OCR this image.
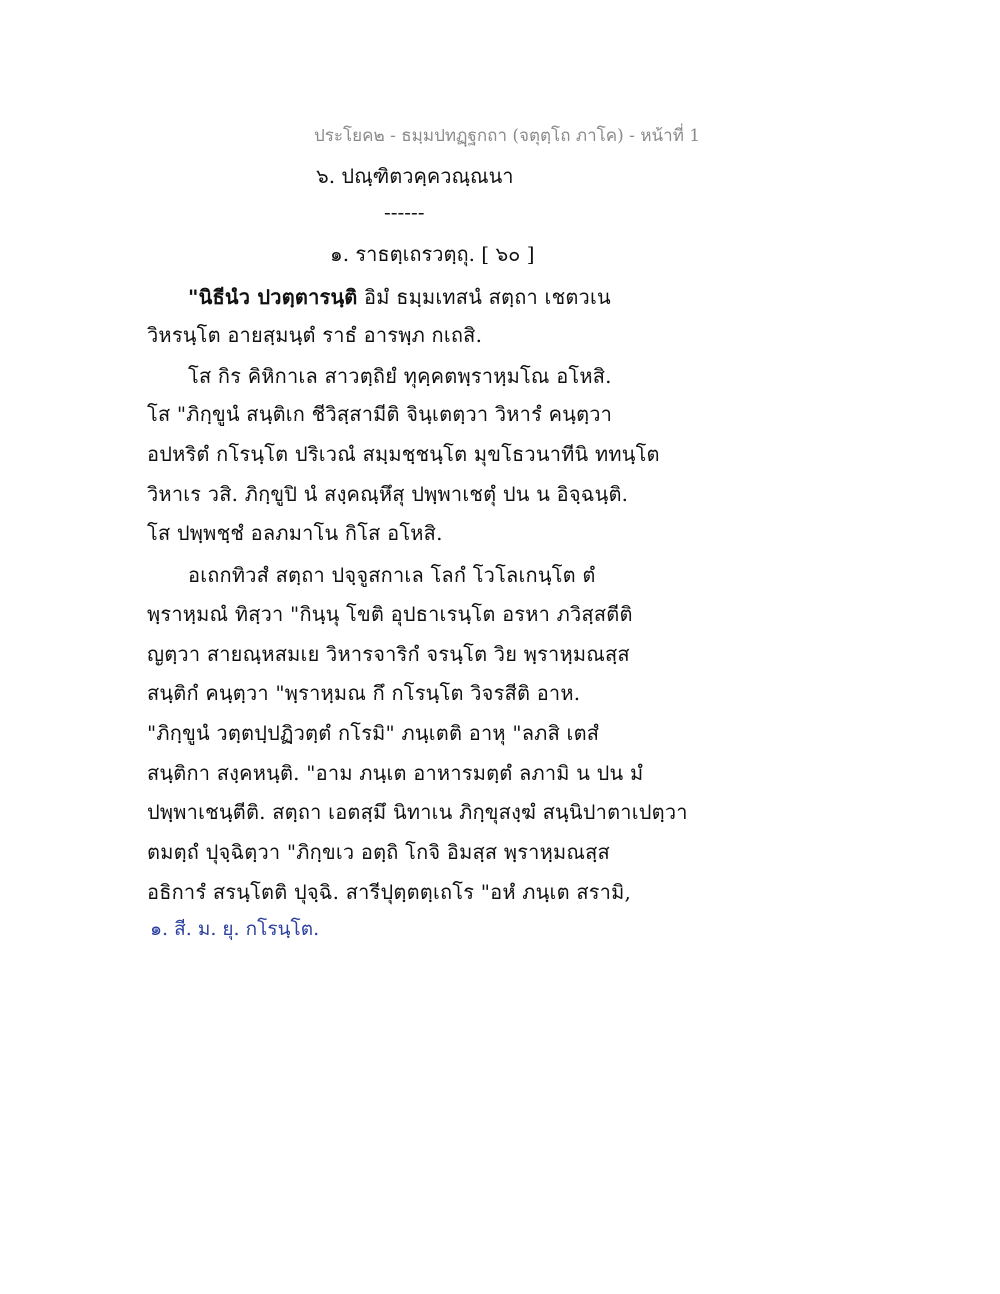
ประโยค๒ - ธมฺมปทฏฺฐกถา (จตุตฺโถ ภาโค) - หน้าที่ 1
๖. ปณฺฑิตวคฺควณฺณนา
------
๑. ราธตฺเถรวตฺถุ. [ ๖๐ ]
"นิธีนํว ปวตฺตารนฺติ อิมํ ธมฺมเทสนํ สตฺถา เชตวเน
วิหรนฺโต อายสฺมนฺตํ ราธํ อารพฺภ กเถสิ.
โส กิร คิหิกาเล สาวตฺถิยํ ทุคฺคตพฺราหฺมโณ อโหสิ.
โส "ภิกฺขูนํ สนฺติเก ชีวิสฺสามีติ จินฺเตตฺวา วิหารํ คนฺตฺวา
อปหริตํ กโรนฺโต ปริเวณํ สมฺมชฺชนฺโต มุขโธวนาทีนิ ททนฺโต
วิหาเร วสิ. ภิกฺขูปิ นํ สงฺคณฺหึสุ ปพฺพาเชตุํ ปน น อิจฺฉนฺติ.
โส ปพฺพชฺชํ อลภมาโน กิโส อโหสิ.
อเถกทิวสํ สตฺถา ปจฺจูสกาเล โลกํ โวโลเกนฺโต ตํ
พฺราหฺมณํ ทิสฺวา "กินฺนุ โขติ อุปธาเรนฺโต อรหา ภวิสฺสตีติ
ญตฺวา สายณฺหสมเย วิหารจาริกํ จรนฺโต วิย พฺราหฺมณสฺส
สนฺติกํ คนฺตฺวา "พฺราหฺมณ กึ กโรนฺโต วิจรสีติ อาห.
"ภิกฺขูนํ วตฺตปฺปฏิวตฺตํ กโรมิ" ภนฺเตติ อาหุ "ลภสิ เตสํ
สนฺติกา สงฺคหนฺติ. "อาม ภนฺเต อาหารมตฺตํ ลภามิ น ปน มํ
ปพฺพาเชนฺตีติ. สตฺถา เอตสฺมึ นิทาเน ภิกฺขุสงฺฆํ สนฺนิปาตาเปตฺวา
ตมตฺถํ ปุจฺฉิตฺวา "ภิกฺขเว อตฺถิ โกจิ อิมสฺส พฺราหฺมณสฺส
อธิการํ สรนฺโตติ ปุจฺฉิ. สารีปุตฺตตฺเถโร "อหํ ภนฺเต สรามิ,
๑. สี. ม. ยุ. กโรนฺโต.
